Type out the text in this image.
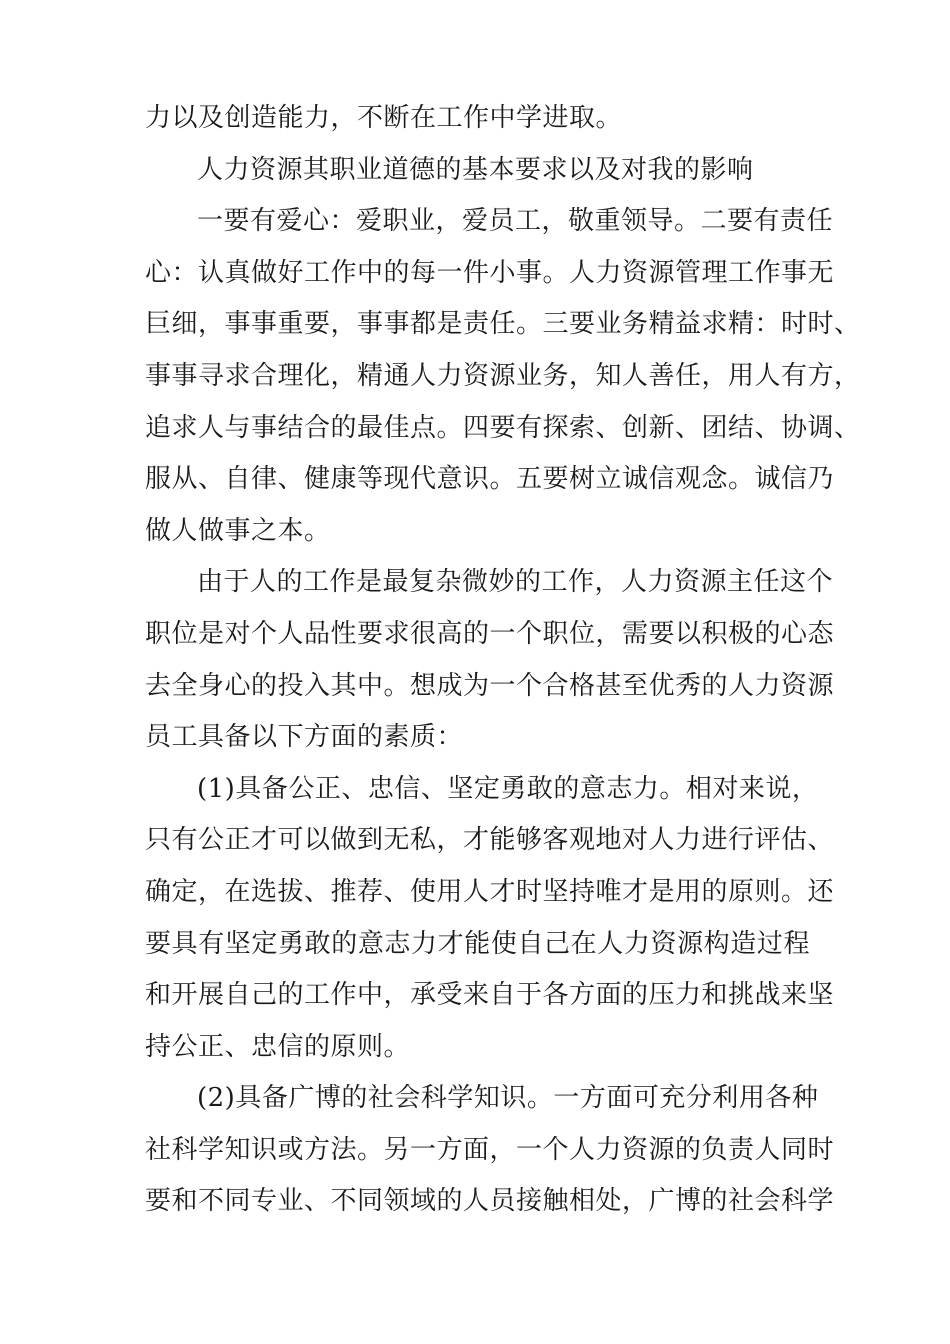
力以及创造能力，不断在工作中学进取。
人力资源其职业道德的基本要求以及对我的影响
一要有爱心：爱职业，爱员工，敬重领导。二要有责任
心：认真做好工作中的每一件小事。人力资源管理工作事无
巨细，事事重要，事事都是责任。三要业务精益求精：时时、
事事寻求合理化，精通人力资源业务，知人善任，用人有方，
追求人与事结合的最佳点。四要有探索、创新、团结、协调、
服从、自律、健康等现代意识。五要树立诚信观念。诚信乃
做人做事之本。
由于人的工作是最复杂微妙的工作，人力资源主任这个
职位是对个人品性要求很高的一个职位，需要以积极的心态
去全身心的投入其中。想成为一个合格甚至优秀的人力资源
员工具备以下方面的素质：
(1)具备公正、忠信、坚定勇敢的意志力。相对来说，
只有公正才可以做到无私，才能够客观地对人力进行评估、
确定，在选拔、推荐、使用人才时坚持唯才是用的原则。还
要具有坚定勇敢的意志力才能使自己在人力资源构造过程
和开展自己的工作中，承受来自于各方面的压力和挑战来坚
持公正、忠信的原则。
(2)具备广博的社会科学知识。一方面可充分利用各种
社科学知识或方法。另一方面，一个人力资源的负责人同时
要和不同专业、不同领域的人员接触相处，广博的社会科学
